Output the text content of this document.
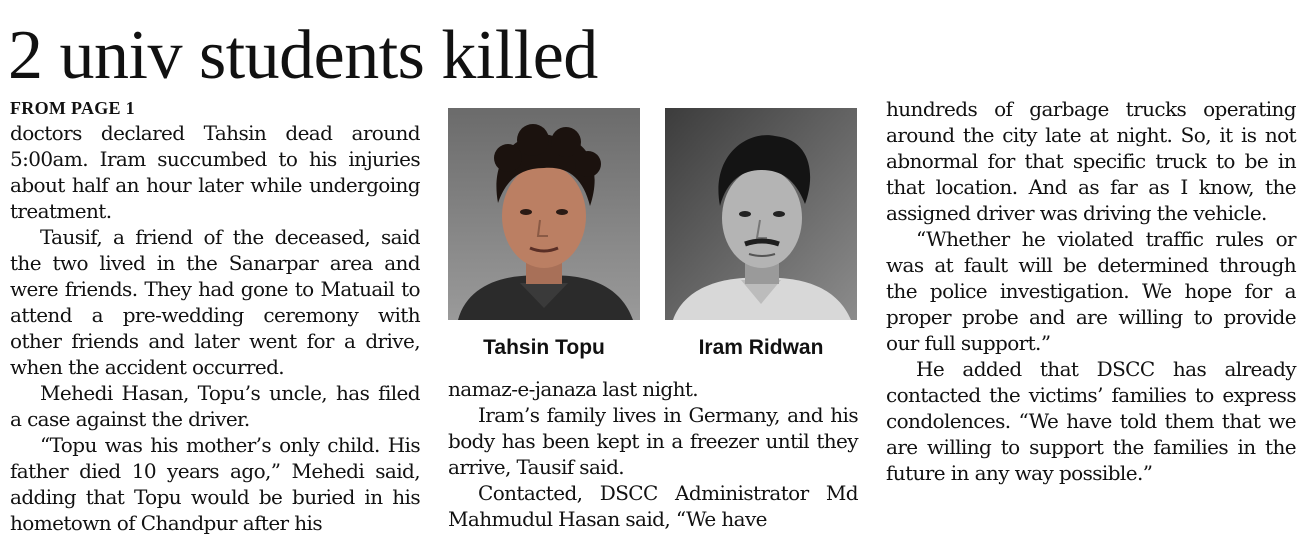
2 univ students killed
FROM PAGE 1

doctors declared Tahsin dead around 5:00am. Iram succumbed to his injuries about half an hour later while undergoing treatment.

Tausif, a friend of the deceased, said the two lived in the Sanarpar area and were friends. They had gone to Matuail to attend a pre-wedding ceremony with other friends and later went for a drive, when the accident occurred.

Mehedi Hasan, Topu’s uncle, has filed a case against the driver.

“Topu was his mother’s only child. His father died 10 years ago,” Mehedi said, adding that Topu would be buried in his hometown of Chandpur after his

Tahsin Topu	Iram Ridwan

namaz-e-janaza last night.

Iram’s family lives in Germany, and his body has been kept in a freezer until they arrive, Tausif said.

Contacted, DSCC Administrator Md Mahmudul Hasan said, “We have

hundreds of garbage trucks operating around the city late at night. So, it is not abnormal for that specific truck to be in that location. And as far as I know, the assigned driver was driving the vehicle.

“Whether he violated traffic rules or was at fault will be determined through the police investigation. We hope for a proper probe and are willing to provide our full support.”

He added that DSCC has already contacted the victims’ families to express condolences. “We have told them that we are willing to support the families in the future in any way possible.”
